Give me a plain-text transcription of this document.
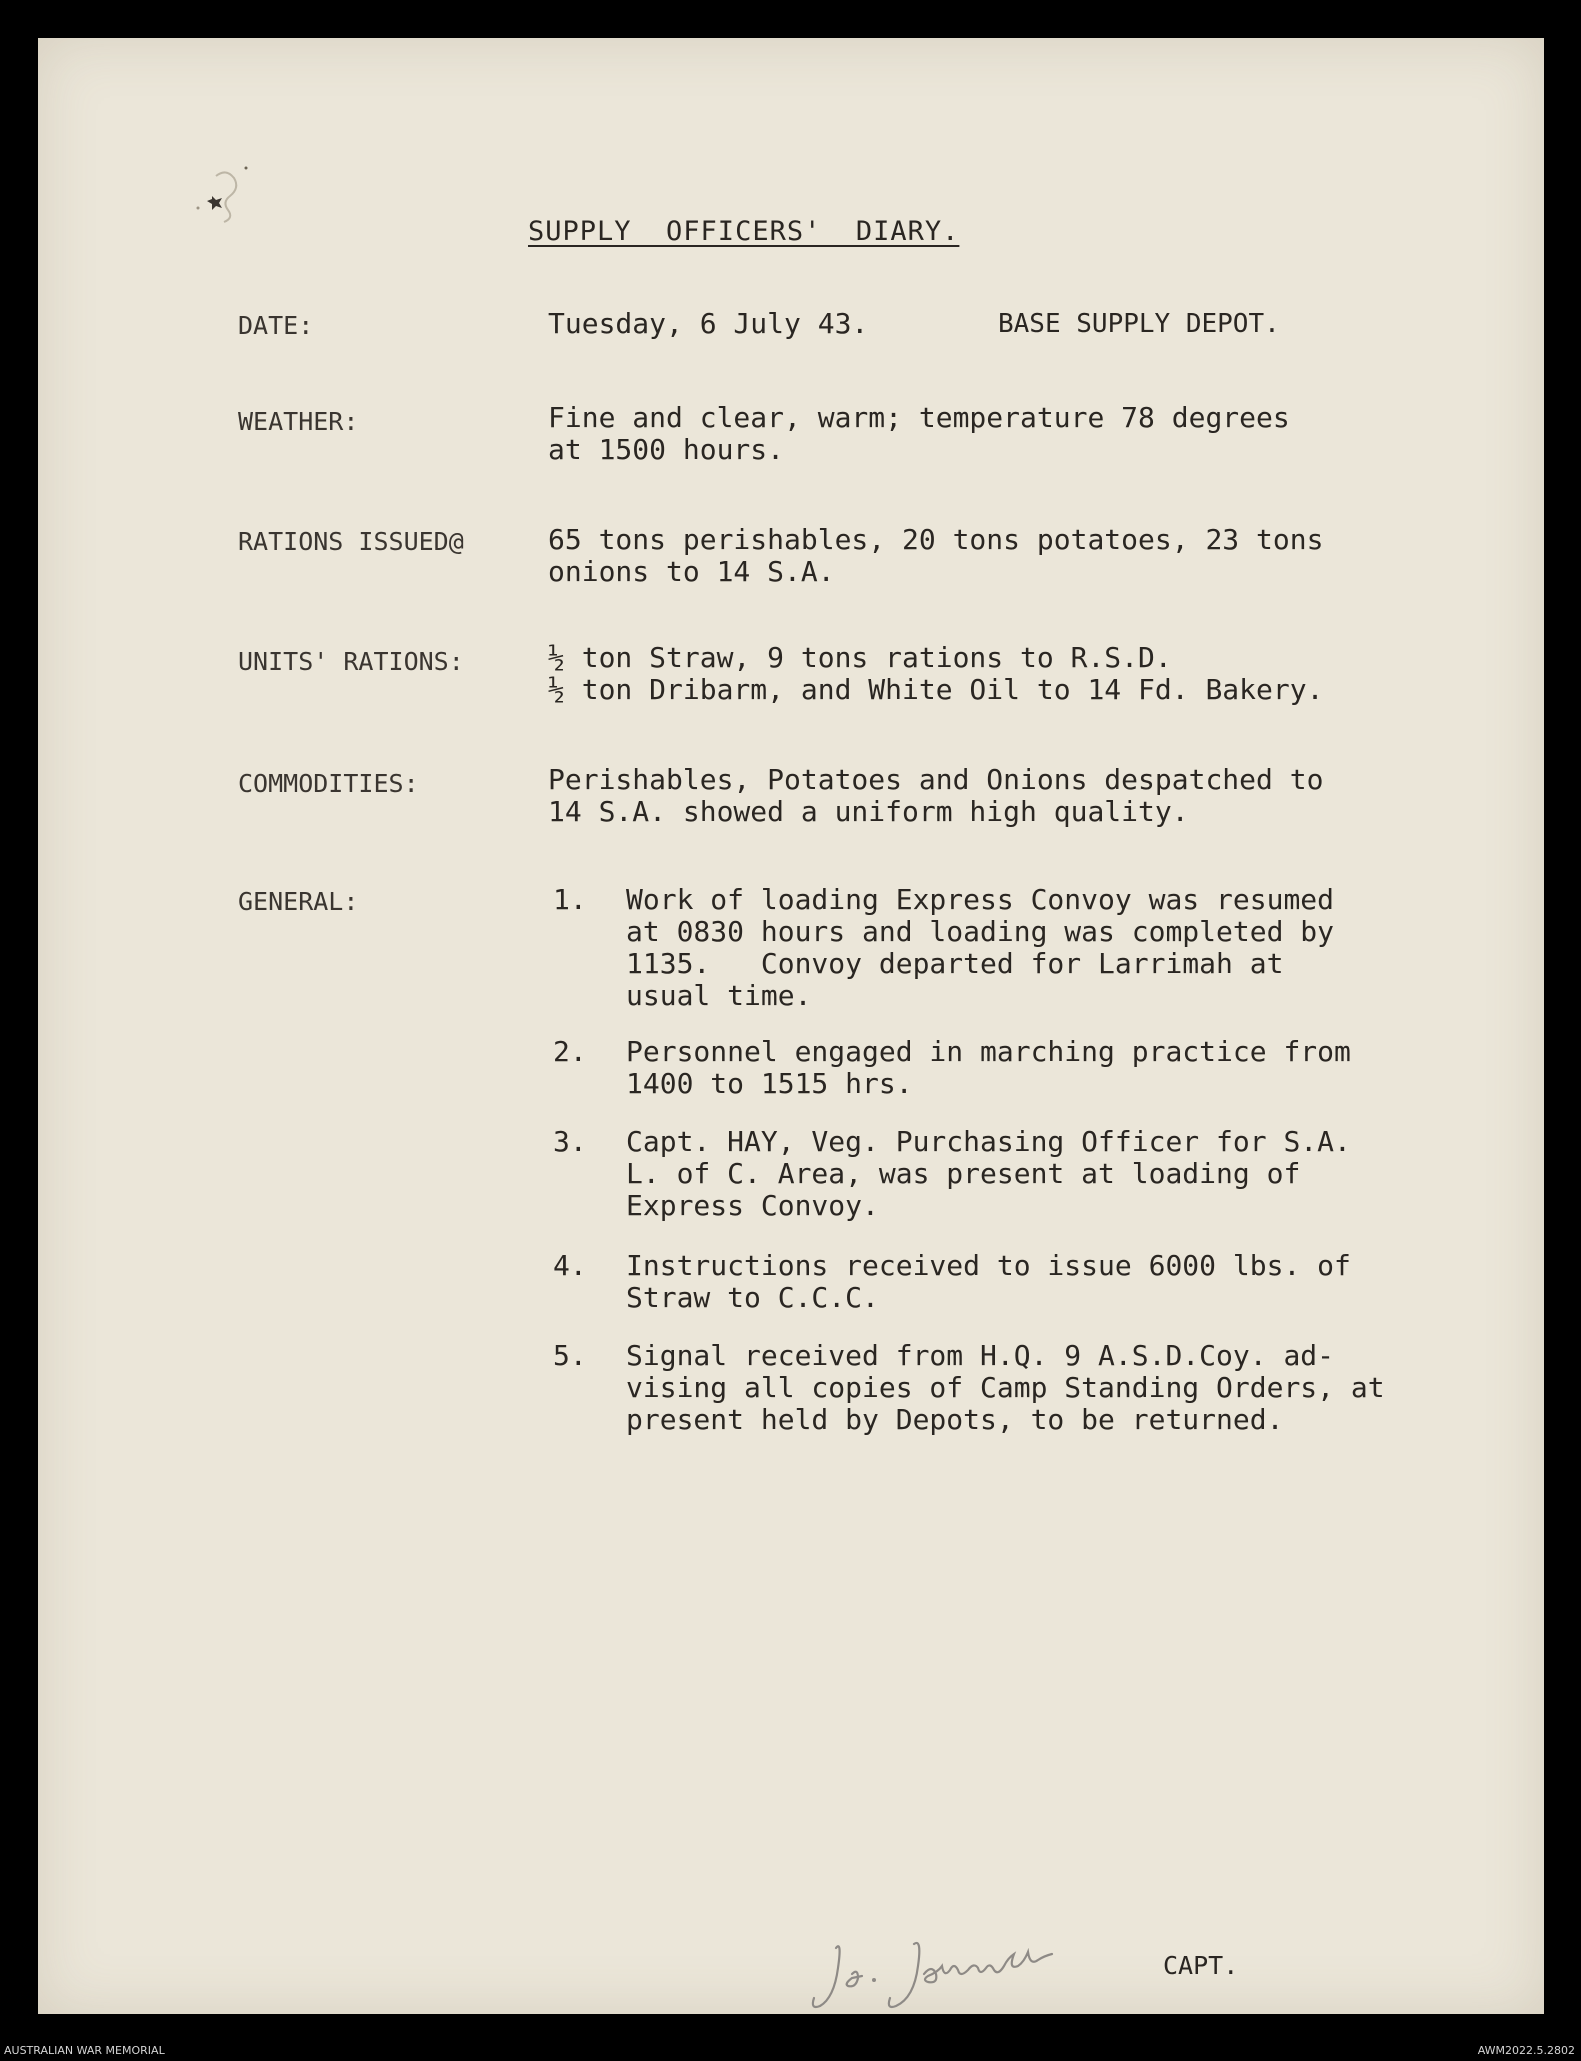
SUPPLY  OFFICERS'  DIARY.
DATE:	Tuesday, 6 July 43.	BASE SUPPLY DEPOT.
WEATHER:	Fine and clear, warm; temperature 78 degrees
at 1500 hours.
RATIONS ISSUED@	65 tons perishables, 20 tons potatoes, 23 tons
onions to 14 S.A.
UNITS' RATIONS:	½ ton Straw, 9 tons rations to R.S.D.
½ ton Dribarm, and White Oil to 14 Fd. Bakery.
COMMODITIES:	Perishables, Potatoes and Onions despatched to
14 S.A. showed a uniform high quality.
GENERAL:	1. Work of loading Express Convoy was resumed
at 0830 hours and loading was completed by
1135.   Convoy departed for Larrimah at
usual time.
2. Personnel engaged in marching practice from
1400 to 1515 hrs.
3. Capt. HAY, Veg. Purchasing Officer for S.A.
L. of C. Area, was present at loading of
Express Convoy.
4. Instructions received to issue 6000 lbs. of
Straw to C.C.C.
5. Signal received from H.Q. 9 A.S.D.Coy. ad-
vising all copies of Camp Standing Orders, at
present held by Depots, to be returned.
CAPT.
AUSTRALIAN WAR MEMORIAL	AWM2022.5.2802
